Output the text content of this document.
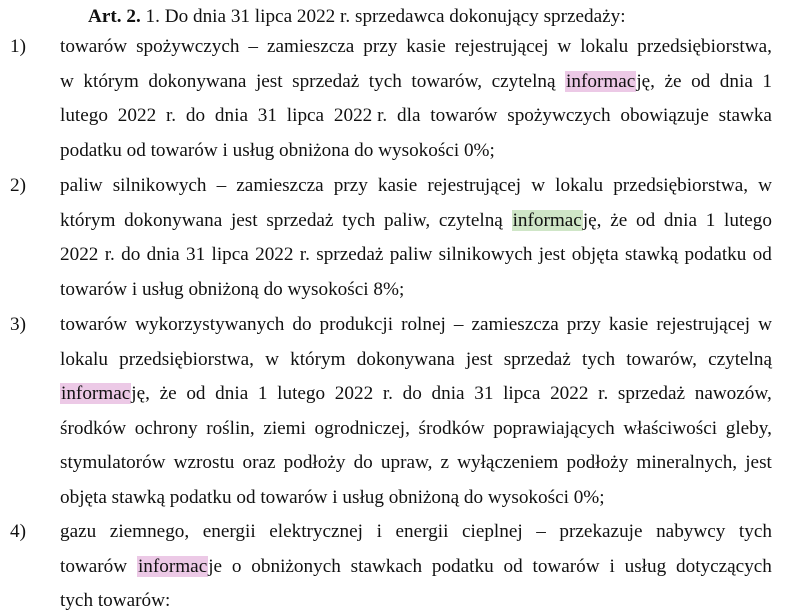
Art. 2. 1. Do dnia 31 lipca 2022 r. sprzedawca dokonujący sprzedaży:
1) towarów spożywczych – zamieszcza przy kasie rejestrującej w lokalu przedsiębiorstwa,
w którym dokonywana jest sprzedaż tych towarów, czytelną informację, że od dnia 1
lutego 2022 r. do dnia 31 lipca 2022 r. dla towarów spożywczych obowiązuje stawka
podatku od towarów i usług obniżona do wysokości 0%;
2) paliw silnikowych – zamieszcza przy kasie rejestrującej w lokalu przedsiębiorstwa, w
którym dokonywana jest sprzedaż tych paliw, czytelną informację, że od dnia 1 lutego
2022 r. do dnia 31 lipca 2022 r. sprzedaż paliw silnikowych jest objęta stawką podatku od
towarów i usług obniżoną do wysokości 8%;
3) towarów wykorzystywanych do produkcji rolnej – zamieszcza przy kasie rejestrującej w
lokalu przedsiębiorstwa, w którym dokonywana jest sprzedaż tych towarów, czytelną
informację, że od dnia 1 lutego 2022 r. do dnia 31 lipca 2022 r. sprzedaż nawozów,
środków ochrony roślin, ziemi ogrodniczej, środków poprawiających właściwości gleby,
stymulatorów wzrostu oraz podłoży do upraw, z wyłączeniem podłoży mineralnych, jest
objęta stawką podatku od towarów i usług obniżoną do wysokości 0%;
4) gazu ziemnego, energii elektrycznej i energii cieplnej – przekazuje nabywcy tych
towarów informacje o obniżonych stawkach podatku od towarów i usług dotyczących
tych towarów:
